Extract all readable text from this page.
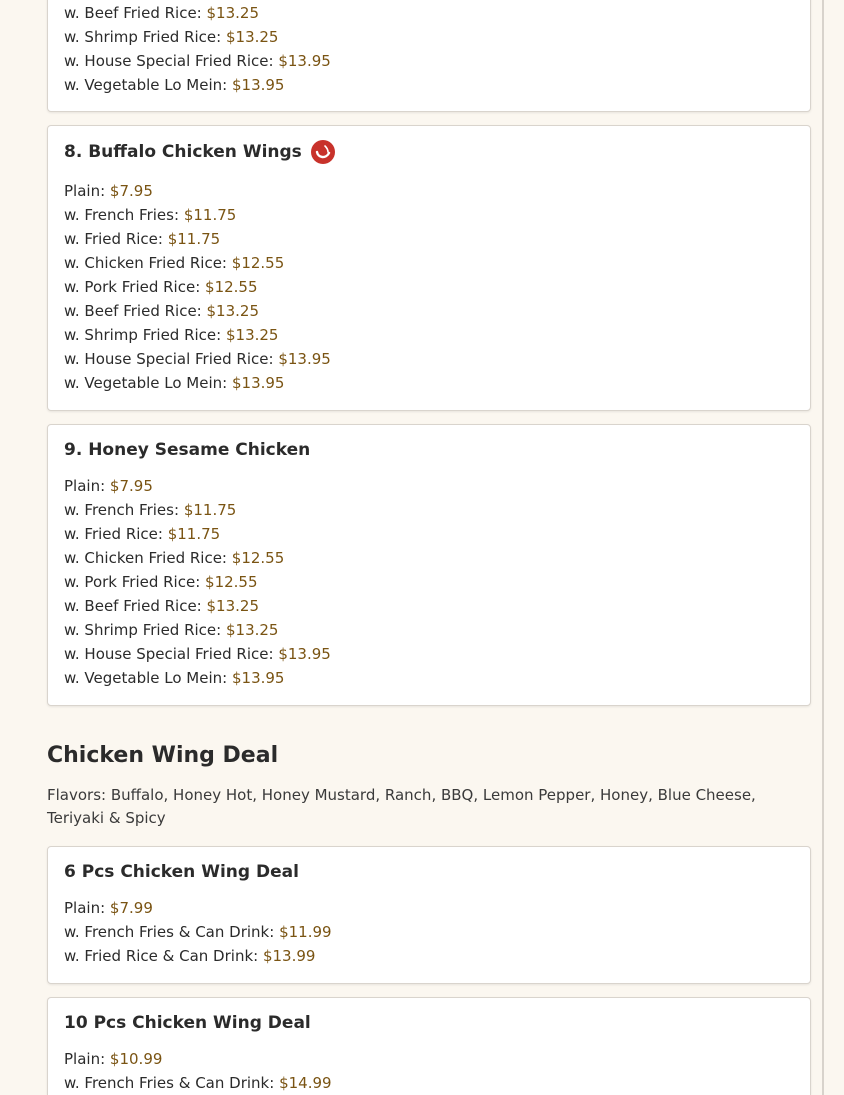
w. Beef Fried Rice: $13.25
w. Shrimp Fried Rice: $13.25
w. House Special Fried Rice: $13.95
w. Vegetable Lo Mein: $13.95
8. Buffalo Chicken Wings
Plain: $7.95
w. French Fries: $11.75
w. Fried Rice: $11.75
w. Chicken Fried Rice: $12.55
w. Pork Fried Rice: $12.55
w. Beef Fried Rice: $13.25
w. Shrimp Fried Rice: $13.25
w. House Special Fried Rice: $13.95
w. Vegetable Lo Mein: $13.95
9. Honey Sesame Chicken
Plain: $7.95
w. French Fries: $11.75
w. Fried Rice: $11.75
w. Chicken Fried Rice: $12.55
w. Pork Fried Rice: $12.55
w. Beef Fried Rice: $13.25
w. Shrimp Fried Rice: $13.25
w. House Special Fried Rice: $13.95
w. Vegetable Lo Mein: $13.95
Chicken Wing Deal

Flavors: Buffalo, Honey Hot, Honey Mustard, Ranch, BBQ, Lemon Pepper, Honey, Blue Cheese, Teriyaki & Spicy

6 Pcs Chicken Wing Deal
Plain: $7.99
w. French Fries & Can Drink: $11.99
w. Fried Rice & Can Drink: $13.99
10 Pcs Chicken Wing Deal
Plain: $10.99
w. French Fries & Can Drink: $14.99
